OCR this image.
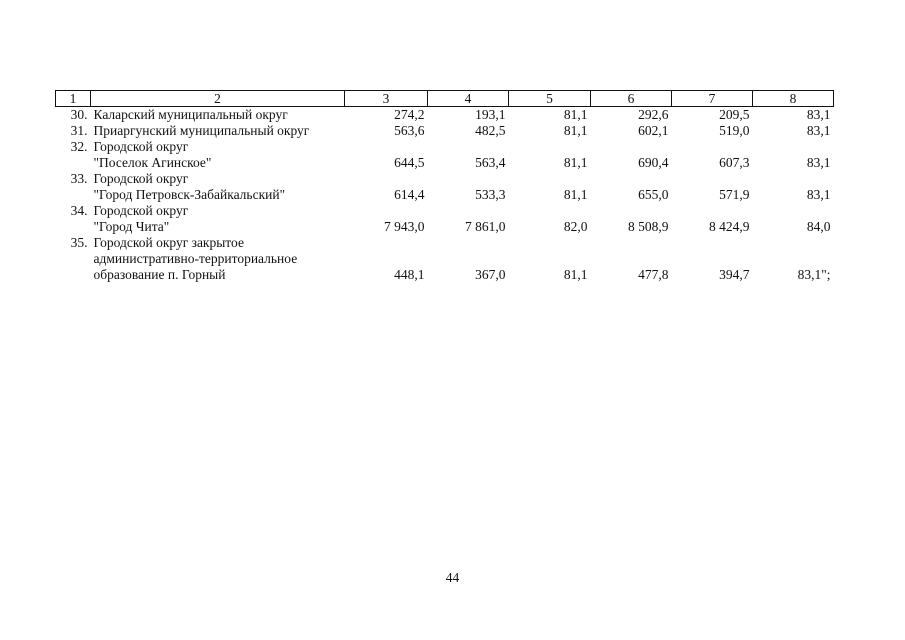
1	2	3	4	5	6	7	8
30.	Каларский муниципальный округ	274,2	193,1	81,1	292,6	209,5	83,1
31.	Приаргунский муниципальный округ	563,6	482,5	81,1	602,1	519,0	83,1
32.	Городской округ						
	"Поселок Агинское"	644,5	563,4	81,1	690,4	607,3	83,1
33.	Городской округ						
	"Город Петровск-Забайкальский"	614,4	533,3	81,1	655,0	571,9	83,1
34.	Городской округ						
	"Город Чита"	7 943,0	7 861,0	82,0	8 508,9	8 424,9	84,0
35.	Городской округ закрытое						
	административно-территориальное						
	образование п. Горный	448,1	367,0	81,1	477,8	394,7	83,1";
44
